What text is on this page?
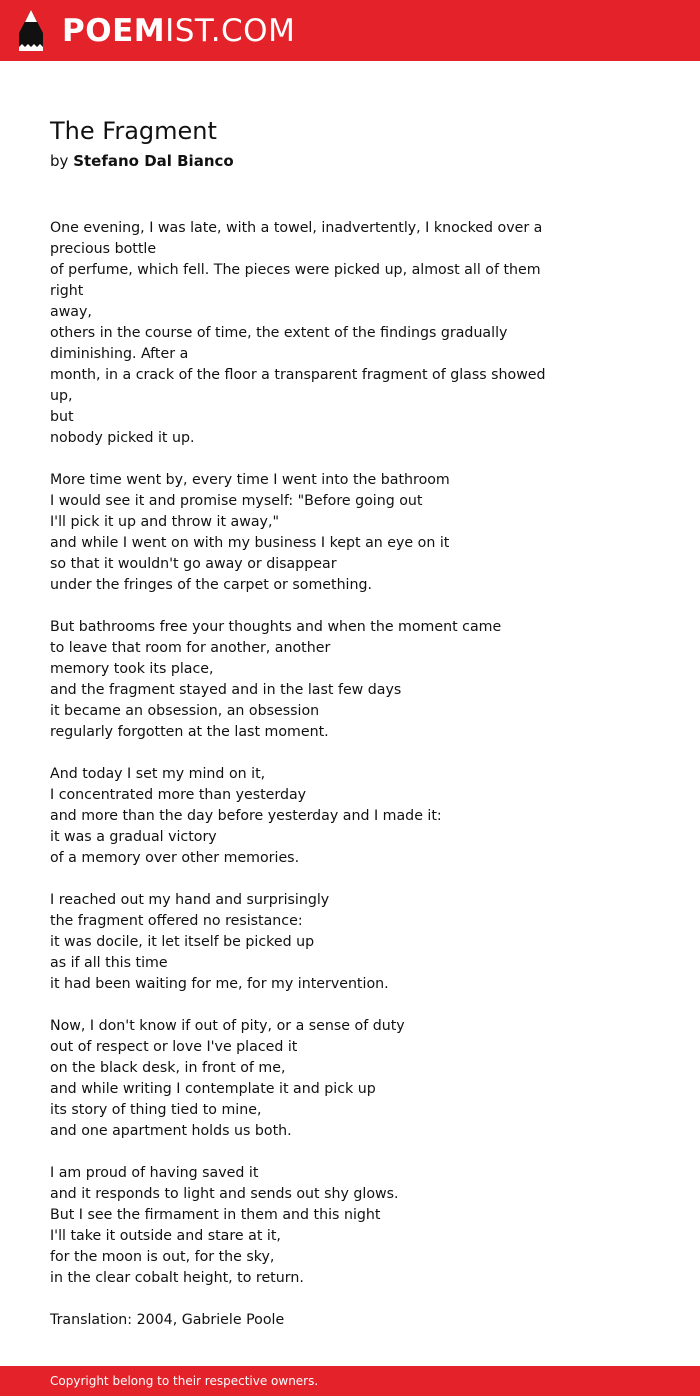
POEMIST.COM
The Fragment
by Stefano Dal Bianco

One evening, I was late, with a towel, inadvertently, I knocked over a
precious bottle
of perfume, which fell. The pieces were picked up, almost all of them right
away,
others in the course of time, the extent of the findings gradually
diminishing. After a
month, in a crack of the floor a transparent fragment of glass showed up,
but
nobody picked it up.

More time went by, every time I went into the bathroom
I would see it and promise myself: "Before going out
I'll pick it up and throw it away,"
and while I went on with my business I kept an eye on it
so that it wouldn't go away or disappear
under the fringes of the carpet or something.

But bathrooms free your thoughts and when the moment came
to leave that room for another, another
memory took its place,
and the fragment stayed and in the last few days
it became an obsession, an obsession
regularly forgotten at the last moment.

And today I set my mind on it,
I concentrated more than yesterday
and more than the day before yesterday and I made it:
it was a gradual victory
of a memory over other memories.

I reached out my hand and surprisingly
the fragment offered no resistance:
it was docile, it let itself be picked up
as if all this time
it had been waiting for me, for my intervention.

Now, I don't know if out of pity, or a sense of duty
out of respect or love I've placed it
on the black desk, in front of me,
and while writing I contemplate it and pick up
its story of thing tied to mine,
and one apartment holds us both.

I am proud of having saved it
and it responds to light and sends out shy glows.
But I see the firmament in them and this night
I'll take it outside and stare at it,
for the moon is out, for the sky,
in the clear cobalt height, to return.

Translation: 2004, Gabriele Poole

Copyright belong to their respective owners.
